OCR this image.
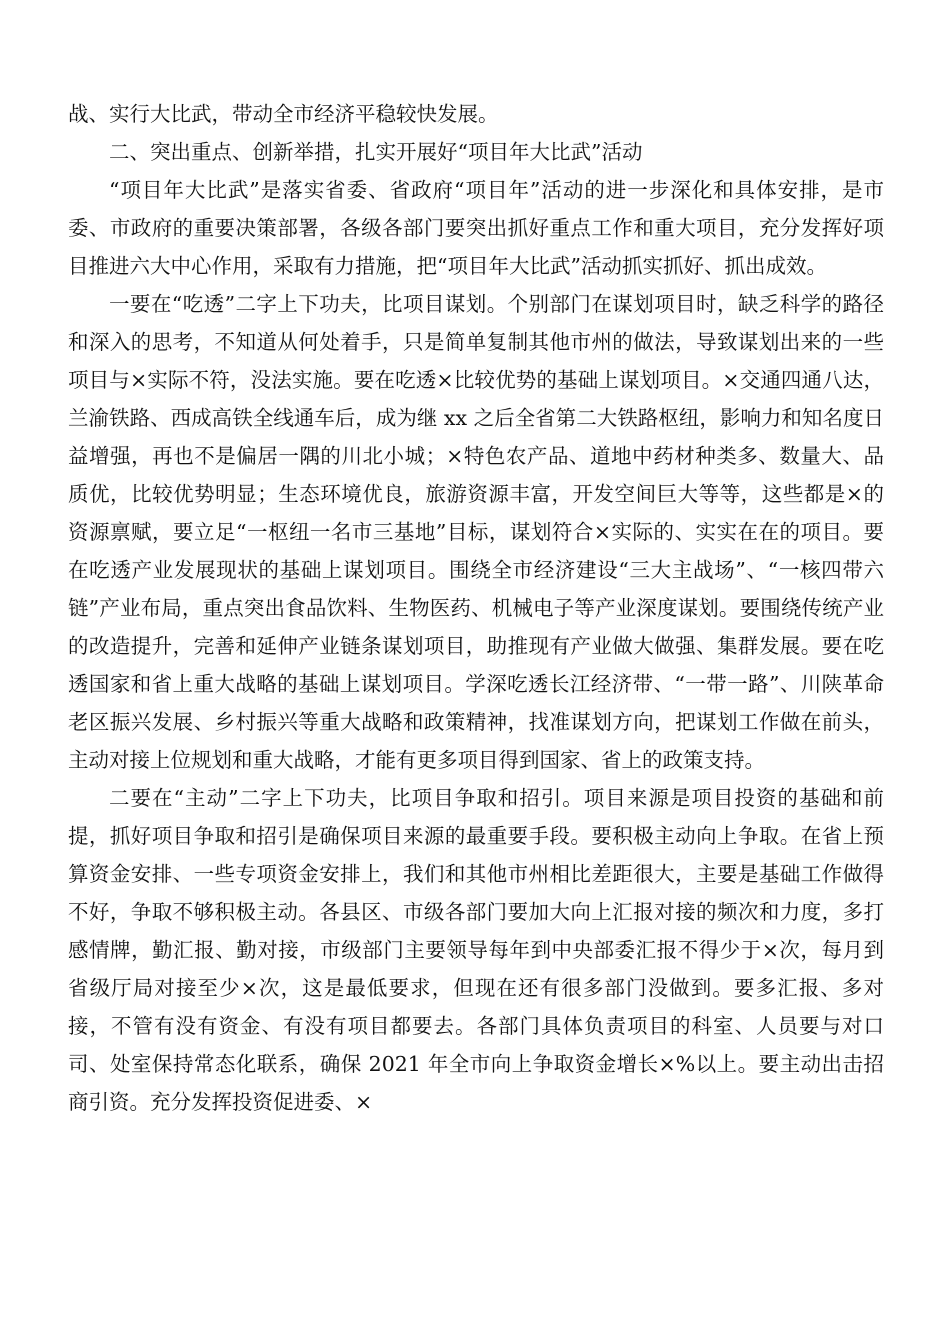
战、实行大比武，带动全市经济平稳较快发展。

二、突出重点、创新举措，扎实开展好“项目年大比武”活动

“项目年大比武”是落实省委、省政府“项目年”活动的进一步深化和具体安排，是市委、市政府的重要决策部署，各级各部门要突出抓好重点工作和重大项目，充分发挥好项目推进六大中心作用，采取有力措施，把“项目年大比武”活动抓实抓好、抓出成效。

一要在“吃透”二字上下功夫，比项目谋划。个别部门在谋划项目时，缺乏科学的路径和深入的思考，不知道从何处着手，只是简单复制其他市州的做法，导致谋划出来的一些项目与×实际不符，没法实施。要在吃透×比较优势的基础上谋划项目。×交通四通八达，兰渝铁路、西成高铁全线通车后，成为继 xx 之后全省第二大铁路枢纽，影响力和知名度日益增强，再也不是偏居一隅的川北小城；×特色农产品、道地中药材种类多、数量大、品质优，比较优势明显；生态环境优良，旅游资源丰富，开发空间巨大等等，这些都是×的资源禀赋，要立足“一枢纽一名市三基地”目标，谋划符合×实际的、实实在在的项目。要在吃透产业发展现状的基础上谋划项目。围绕全市经济建设“三大主战场”、“一核四带六链”产业布局，重点突出食品饮料、生物医药、机械电子等产业深度谋划。要围绕传统产业的改造提升，完善和延伸产业链条谋划项目，助推现有产业做大做强、集群发展。要在吃透国家和省上重大战略的基础上谋划项目。学深吃透长江经济带、“一带一路”、川陕革命老区振兴发展、乡村振兴等重大战略和政策精神，找准谋划方向，把谋划工作做在前头，主动对接上位规划和重大战略，才能有更多项目得到国家、省上的政策支持。

二要在“主动”二字上下功夫，比项目争取和招引。项目来源是项目投资的基础和前提，抓好项目争取和招引是确保项目来源的最重要手段。要积极主动向上争取。在省上预算资金安排、一些专项资金安排上，我们和其他市州相比差距很大，主要是基础工作做得不好，争取不够积极主动。各县区、市级各部门要加大向上汇报对接的频次和力度，多打感情牌，勤汇报、勤对接，市级部门主要领导每年到中央部委汇报不得少于×次，每月到省级厅局对接至少×次，这是最低要求，但现在还有很多部门没做到。要多汇报、多对接，不管有没有资金、有没有项目都要去。各部门具体负责项目的科室、人员要与对口司、处室保持常态化联系，确保 2021 年全市向上争取资金增长×%以上。要主动出击招商引资。充分发挥投资促进委、×
